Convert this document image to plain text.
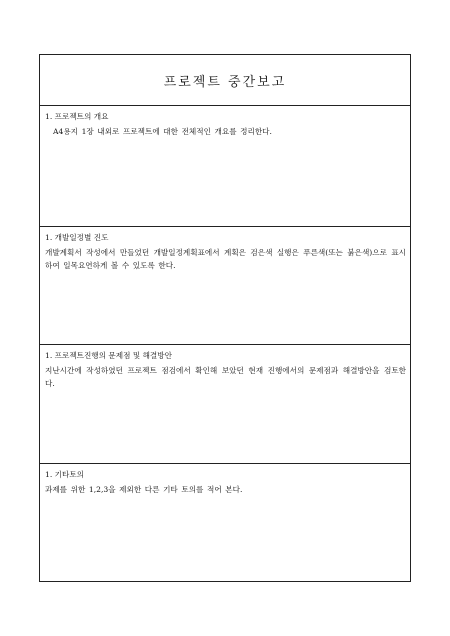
프로젝트 중간보고

1. 프로젝트의 개요

A4용지 1장 내외로 프로젝트에 대한 전체적인 개요를 정리한다.

1. 개발일정별 진도

개발계획서 작성에서 만들었던 개발일정계획표에서 계획은 검은색 실행은 푸른색(또는 붉은색)으로 표시하여 일목요연하게 볼 수 있도록 한다.

1. 프로젝트진행의 문제점 및 해결방안

지난시간에 작성하였던 프로젝트 점검에서 확인해 보았던 현재 진행에서의 문제점과 해결방안을 검토한다.

1. 기타토의

과제를 위한 1,2,3을 제외한 다른 기타 토의를 적어 본다.
